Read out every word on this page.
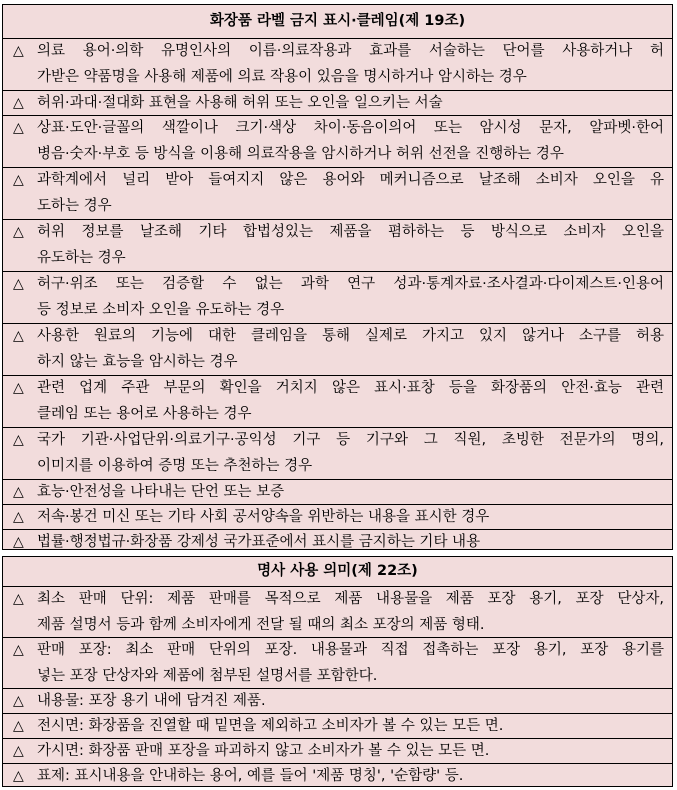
화장품 라벨 금지 표시·클레임(제 19조)
△ 의료 용어·의학 유명인사의 이름·의료작용과 효과를 서술하는 단어를 사용하거나 허
가받은 약품명을 사용해 제품에 의료 작용이 있음을 명시하거나 암시하는 경우
△ 허위·과대·절대화 표현을 사용해 허위 또는 오인을 일으키는 서술
△ 상표·도안·글꼴의 색깔이나 크기·색상 차이·동음이의어 또는 암시성 문자, 알파벳·한어
병음·숫자·부호 등 방식을 이용해 의료작용을 암시하거나 허위 선전을 진행하는 경우
△ 과학계에서 널리 받아 들여지지 않은 용어와 메커니즘으로 날조해 소비자 오인을 유
도하는 경우
△ 허위 정보를 날조해 기타 합법성있는 제품을 폄하하는 등 방식으로 소비자 오인을
유도하는 경우
△ 허구·위조 또는 검증할 수 없는 과학 연구 성과·통계자료·조사결과·다이제스트·인용어
등 정보로 소비자 오인을 유도하는 경우
△ 사용한 원료의 기능에 대한 클레임을 통해 실제로 가지고 있지 않거나 소구를 허용
하지 않는 효능을 암시하는 경우
△ 관련 업계 주관 부문의 확인을 거치지 않은 표시·표창 등을 화장품의 안전·효능 관련
클레임 또는 용어로 사용하는 경우
△ 국가 기관·사업단위·의료기구·공익성 기구 등 기구와 그 직원, 초빙한 전문가의 명의,
이미지를 이용하여 증명 또는 추천하는 경우
△ 효능·안전성을 나타내는 단언 또는 보증
△ 저속·봉건 미신 또는 기타 사회 공서양속을 위반하는 내용을 표시한 경우
△ 법률·행정법규·화장품 강제성 국가표준에서 표시를 금지하는 기타 내용
명사 사용 의미(제 22조)
△ 최소 판매 단위: 제품 판매를 목적으로 제품 내용물을 제품 포장 용기, 포장 단상자,
제품 설명서 등과 함께 소비자에게 전달 될 때의 최소 포장의 제품 형태.
△ 판매 포장: 최소 판매 단위의 포장. 내용물과 직접 접촉하는 포장 용기, 포장 용기를
넣는 포장 단상자와 제품에 첨부된 설명서를 포함한다.
△ 내용물: 포장 용기 내에 담겨진 제품.
△ 전시면: 화장품을 진열할 때 밑면을 제외하고 소비자가 볼 수 있는 모든 면.
△ 가시면: 화장품 판매 포장을 파괴하지 않고 소비자가 볼 수 있는 모든 면.
△ 표제: 표시내용을 안내하는 용어, 예를 들어 '제품 명칭', '순함량' 등.
